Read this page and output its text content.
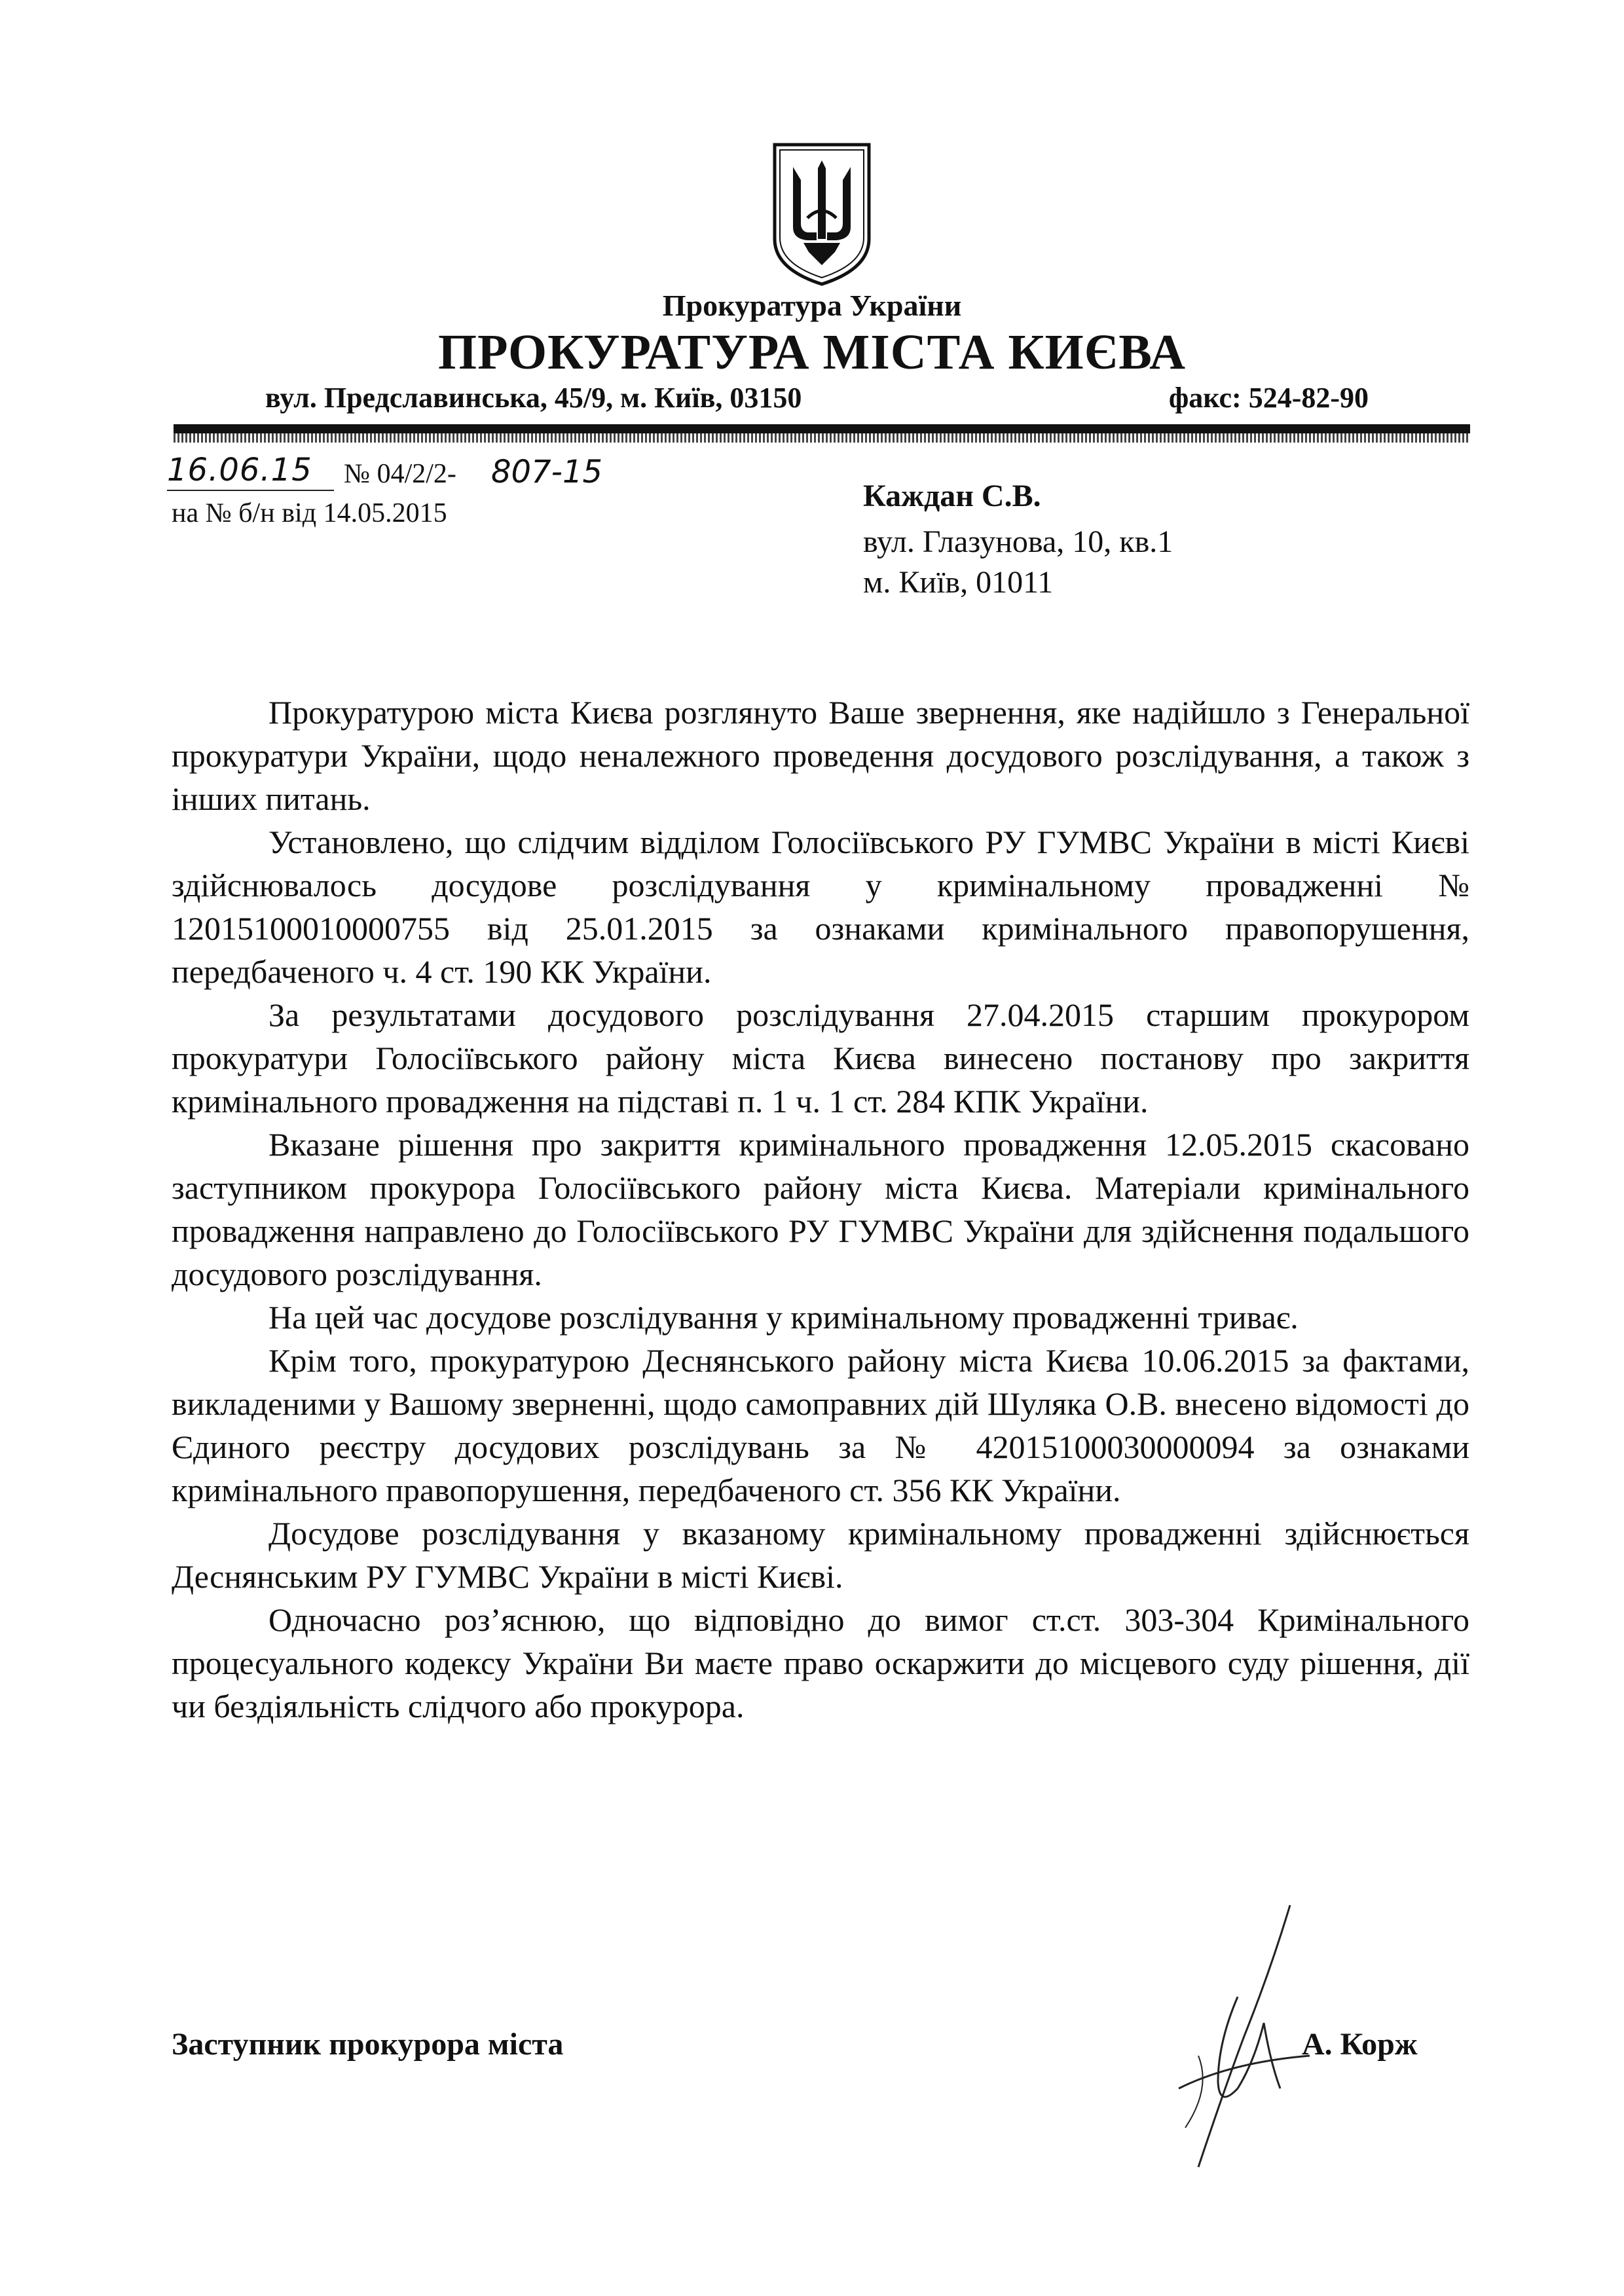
Прокуратура України
ПРОКУРАТУРА МІСТА КИЄВА
вул. Предславинська, 45/9, м. Київ, 03150	факс: 524-82-90
16.06.15 № 04/2/2- 807-15
на № б/н від 14.05.2015	Каждан С.В.
вул. Глазунова, 10, кв.1
м. Київ, 01011

Прокуратурою міста Києва розглянуто Ваше звернення, яке надійшло з Генеральної прокуратури України, щодо неналежного проведення досудового розслідування, а також з інших питань.

Установлено, що слідчим відділом Голосіївського РУ ГУМВС України в місті Києві здійснювалось досудове розслідування у кримінальному провадженні № 12015100010000755 від 25.01.2015 за ознаками кримінального правопорушення, передбаченого ч. 4 ст. 190 КК України.

За результатами досудового розслідування 27.04.2015 старшим прокурором прокуратури Голосіївського району міста Києва винесено постанову про закриття кримінального провадження на підставі п. 1 ч. 1 ст. 284 КПК України.

Вказане рішення про закриття кримінального провадження 12.05.2015 скасовано заступником прокурора Голосіївського району міста Києва. Матеріали кримінального провадження направлено до Голосіївського РУ ГУМВС України для здійснення подальшого досудового розслідування.

На цей час досудове розслідування у кримінальному провадженні триває.

Крім того, прокуратурою Деснянського району міста Києва 10.06.2015 за фактами, викладеними у Вашому зверненні, щодо самоправних дій Шуляка О.В. внесено відомості до Єдиного реєстру досудових розслідувань за № 42015100030000094 за ознаками кримінального правопорушення, передбаченого ст. 356 КК України.

Досудове розслідування у вказаному кримінальному провадженні здійснюється Деснянським РУ ГУМВС України в місті Києві.

Одночасно роз’яснюю, що відповідно до вимог ст.ст. 303-304 Кримінального процесуального кодексу України Ви маєте право оскаржити до місцевого суду рішення, дії чи бездіяльність слідчого або прокурора.

Заступник прокурора міста	А. Корж
